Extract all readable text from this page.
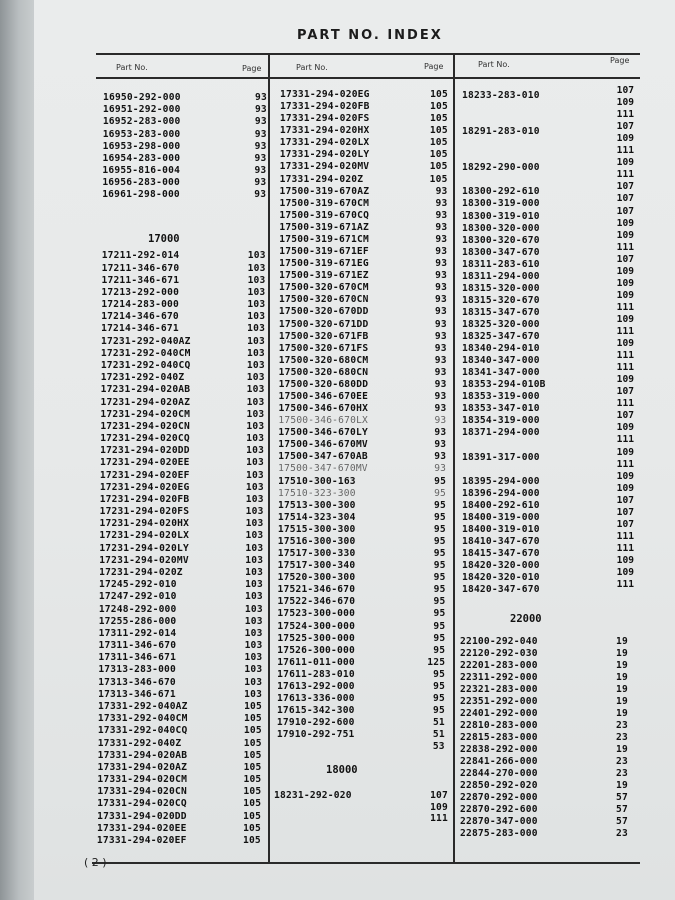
PART NO. INDEX
Part No.	Page	Part No.	Page	Part No.	Page
16950-292-000	93
16951-292-000	93
16952-283-000	93
16953-283-000	93
16953-298-000	93
16954-283-000	93
16955-816-004	93
16956-283-000	93
16961-298-000	93
17211-292-014	103
17211-346-670	103
17211-346-671	103
17213-292-000	103
17214-283-000	103
17214-346-670	103
17214-346-671	103
17231-292-040AZ	103
17231-292-040CM	103
17231-292-040CQ	103
17231-292-040Z	103
17231-294-020AB	103
17231-294-020AZ	103
17231-294-020CM	103
17231-294-020CN	103
17231-294-020CQ	103
17231-294-020DD	103
17231-294-020EE	103
17231-294-020EF	103
17231-294-020EG	103
17231-294-020FB	103
17231-294-020FS	103
17231-294-020HX	103
17231-294-020LX	103
17231-294-020LY	103
17231-294-020MV	103
17231-294-020Z	103
17245-292-010	103
17247-292-010	103
17248-292-000	103
17255-286-000	103
17311-292-014	103
17311-346-670	103
17311-346-671	103
17313-283-000	103
17313-346-670	103
17313-346-671	103
17331-292-040AZ	105
17331-292-040CM	105
17331-292-040CQ	105
17331-292-040Z	105
17331-294-020AB	105
17331-294-020AZ	105
17331-294-020CM	105
17331-294-020CN	105
17331-294-020CQ	105
17331-294-020DD	105
17331-294-020EE	105
17331-294-020EF	105
17000
17331-294-020EG	105
17331-294-020FB	105
17331-294-020FS	105
17331-294-020HX	105
17331-294-020LX	105
17331-294-020LY	105
17331-294-020MV	105
17331-294-020Z	105
17500-319-670AZ	93
17500-319-670CM	93
17500-319-670CQ	93
17500-319-671AZ	93
17500-319-671CM	93
17500-319-671EF	93
17500-319-671EG	93
17500-319-671EZ	93
17500-320-670CM	93
17500-320-670CN	93
17500-320-670DD	93
17500-320-671DD	93
17500-320-671FB	93
17500-320-671FS	93
17500-320-680CM	93
17500-320-680CN	93
17500-320-680DD	93
17500-346-670EE	93
17500-346-670HX	93
17500-346-670LX	93
17500-346-670LY	93
17500-346-670MV	93
17500-347-670AB	93
17500-347-670MV	93
17510-300-163	95
17510-323-300	95
17513-300-300	95
17514-323-304	95
17515-300-300	95
17516-300-300	95
17517-300-330	95
17517-300-340	95
17520-300-300	95
17521-346-670	95
17522-346-670	95
17523-300-000	95
17524-300-000	95
17525-300-000	95
17526-300-000	95
17611-011-000	125
17611-283-010	95
17613-292-000	95
17613-336-000	95
17615-342-300	95
17910-292-600	51
17910-292-751	51
53
18000
18231-292-020	107
109
111
18233-283-010	107
109
111
18291-283-010	107
109
111
18292-290-000	109
111
18300-292-610	107
18300-319-000	107
18300-319-010	107
18300-320-000	109
18300-320-670	109
18300-347-670	111
18311-283-610	107
18311-294-000	109
18315-320-000	109
18315-320-670	109
18315-347-670	111
18325-320-000	109
18325-347-670	111
18340-294-010	109
18340-347-000	111
18341-347-000	111
18353-294-010B	109
18353-319-000	107
18353-347-010	111
18354-319-000	107
18371-294-000	109
111
18391-317-000	109
111
18395-294-000	109
18396-294-000	109
18400-292-610	107
18400-319-000	107
18400-319-010	107
18410-347-670	111
18415-347-670	111
18420-320-000	109
18420-320-010	109
18420-347-670	111
22000
22100-292-040	19
22120-292-030	19
22201-283-000	19
22311-292-000	19
22321-283-000	19
22351-292-000	19
22401-292-000	19
22810-283-000	23
22815-283-000	23
22838-292-000	19
22841-266-000	23
22844-270-000	23
22850-292-020	19
22870-292-000	57
22870-292-600	57
22870-347-000	57
22875-283-000	23
( 2 )
